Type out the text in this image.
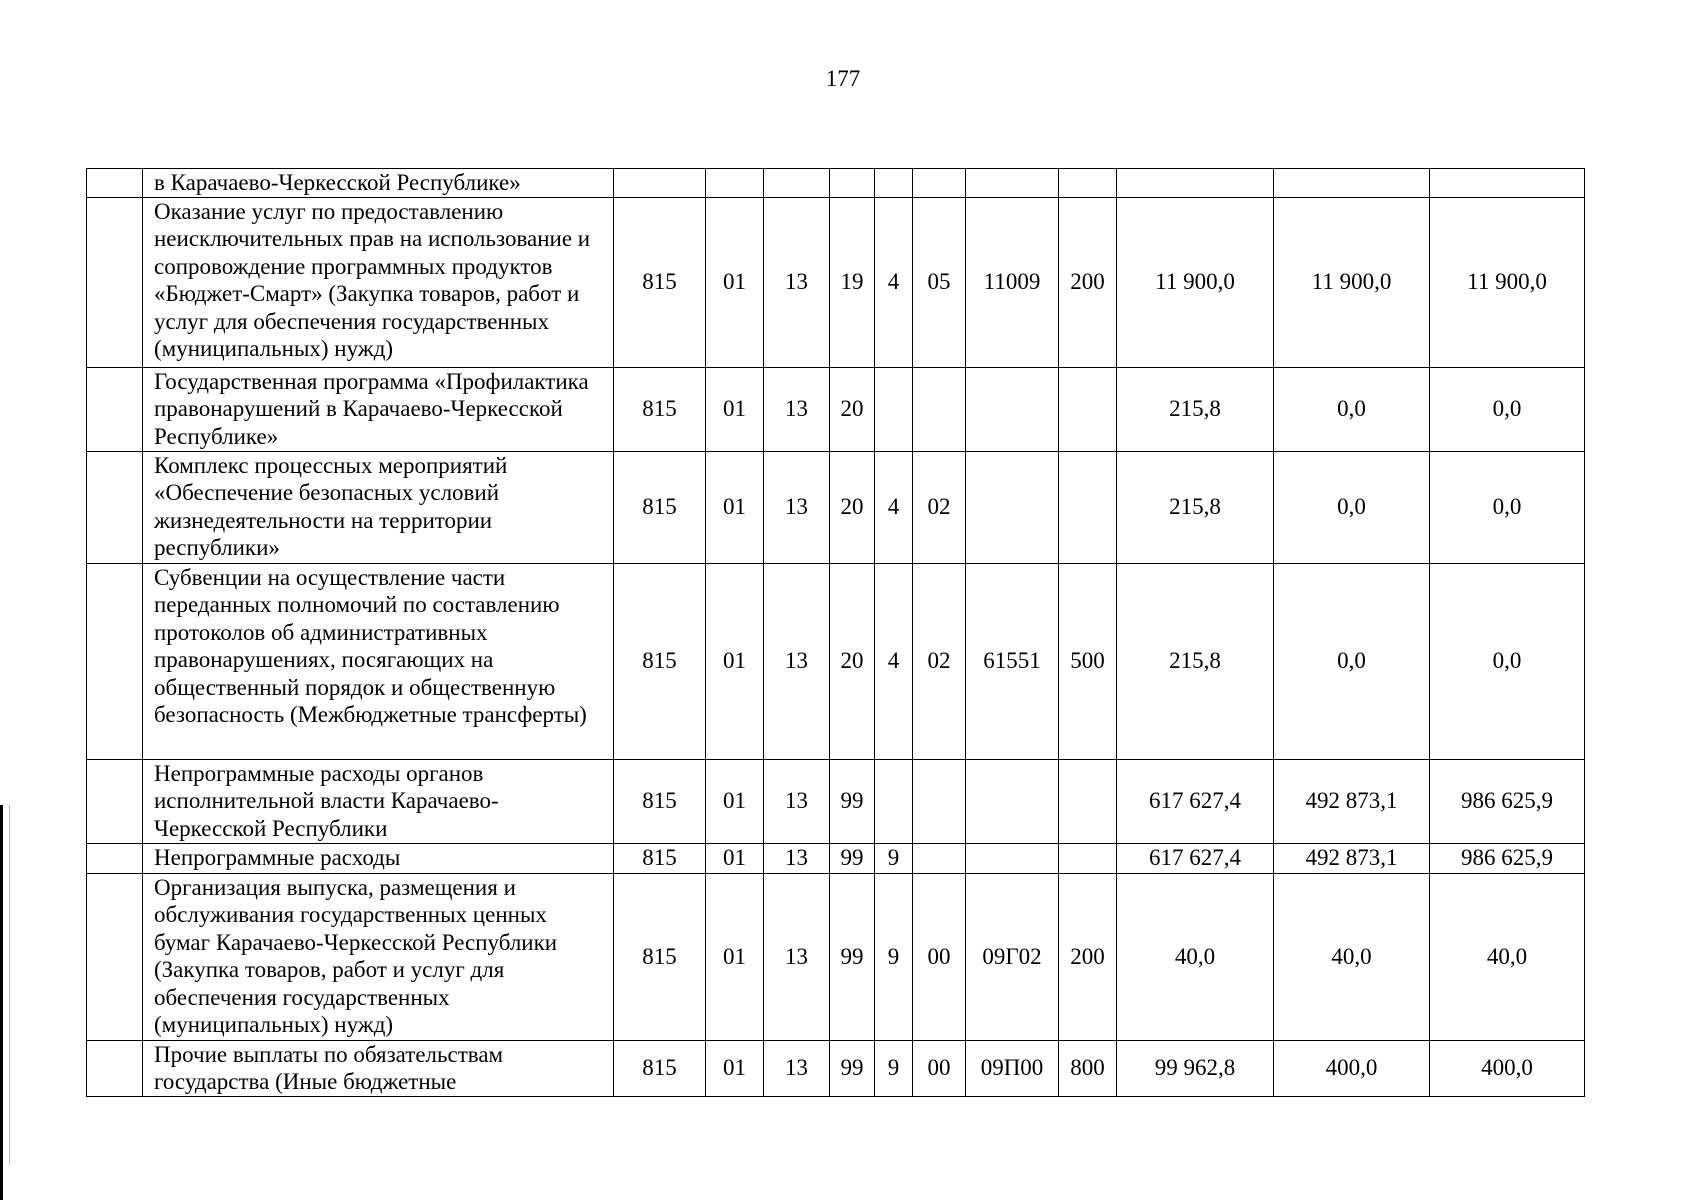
177
	в Карачаево-Черкесской Республике»											
	Оказание услуг по предоставлению неисключительных прав на использование и сопровождение программных продуктов «Бюджет-Смарт» (Закупка товаров, работ и услуг для обеспечения государственных (муниципальных) нужд)	815	01	13	19	4	05	11009	200	11 900,0	11 900,0	11 900,0
	Государственная программа «Профилактика правонарушений в Карачаево-Черкесской Республике»	815	01	13	20					215,8	0,0	0,0
	Комплекс процессных мероприятий «Обеспечение безопасных условий жизнедеятельности на территории республики»	815	01	13	20	4	02			215,8	0,0	0,0
	Субвенции на осуществление части переданных полномочий по составлению протоколов об административных правонарушениях, посягающих на общественный порядок и общественную безопасность (Межбюджетные трансферты)	815	01	13	20	4	02	61551	500	215,8	0,0	0,0
	Непрограммные расходы органов исполнительной власти Карачаево-Черкесской Республики	815	01	13	99					617 627,4	492 873,1	986 625,9
	Непрограммные расходы	815	01	13	99	9				617 627,4	492 873,1	986 625,9
	Организация выпуска, размещения и обслуживания государственных ценных бумаг Карачаево-Черкесской Республики (Закупка товаров, работ и услуг для обеспечения государственных (муниципальных) нужд)	815	01	13	99	9	00	09Г02	200	40,0	40,0	40,0
	Прочие выплаты по обязательствам государства (Иные бюджетные	815	01	13	99	9	00	09П00	800	99 962,8	400,0	400,0
